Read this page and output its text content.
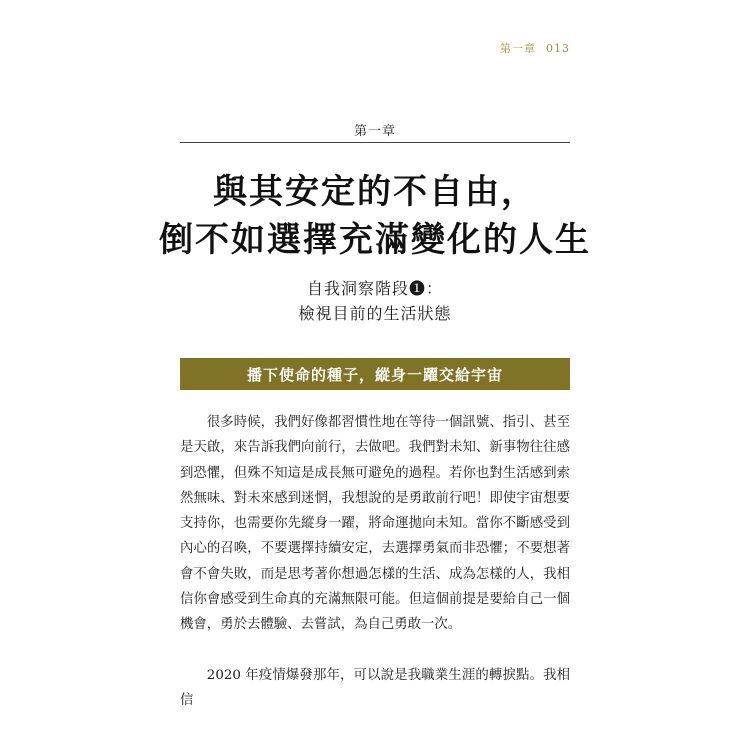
第一章 013
第一章
與其安定的不自由，
倒不如選擇充滿變化的人生
自我洞察階段❶：
檢視目前的生活狀態
播下使命的種子，縱身一躍交給宇宙

很多時候，我們好像都習慣性地在等待一個訊號、指引、甚至是天啟，來告訴我們向前行，去做吧。我們對未知、新事物往往感到恐懼，但殊不知這是成長無可避免的過程。若你也對生活感到索然無味、對未來感到迷惘，我想說的是勇敢前行吧！即使宇宙想要支持你，也需要你先縱身一躍，將命運拋向未知。當你不斷感受到內心的召喚，不要選擇持續安定，去選擇勇氣而非恐懼；不要想著會不會失敗，而是思考著你想過怎樣的生活、成為怎樣的人，我相信你會感受到生命真的充滿無限可能。但這個前提是要給自己一個機會，勇於去體驗、去嘗試，為自己勇敢一次。

2020 年疫情爆發那年，可以說是我職業生涯的轉捩點。我相信
